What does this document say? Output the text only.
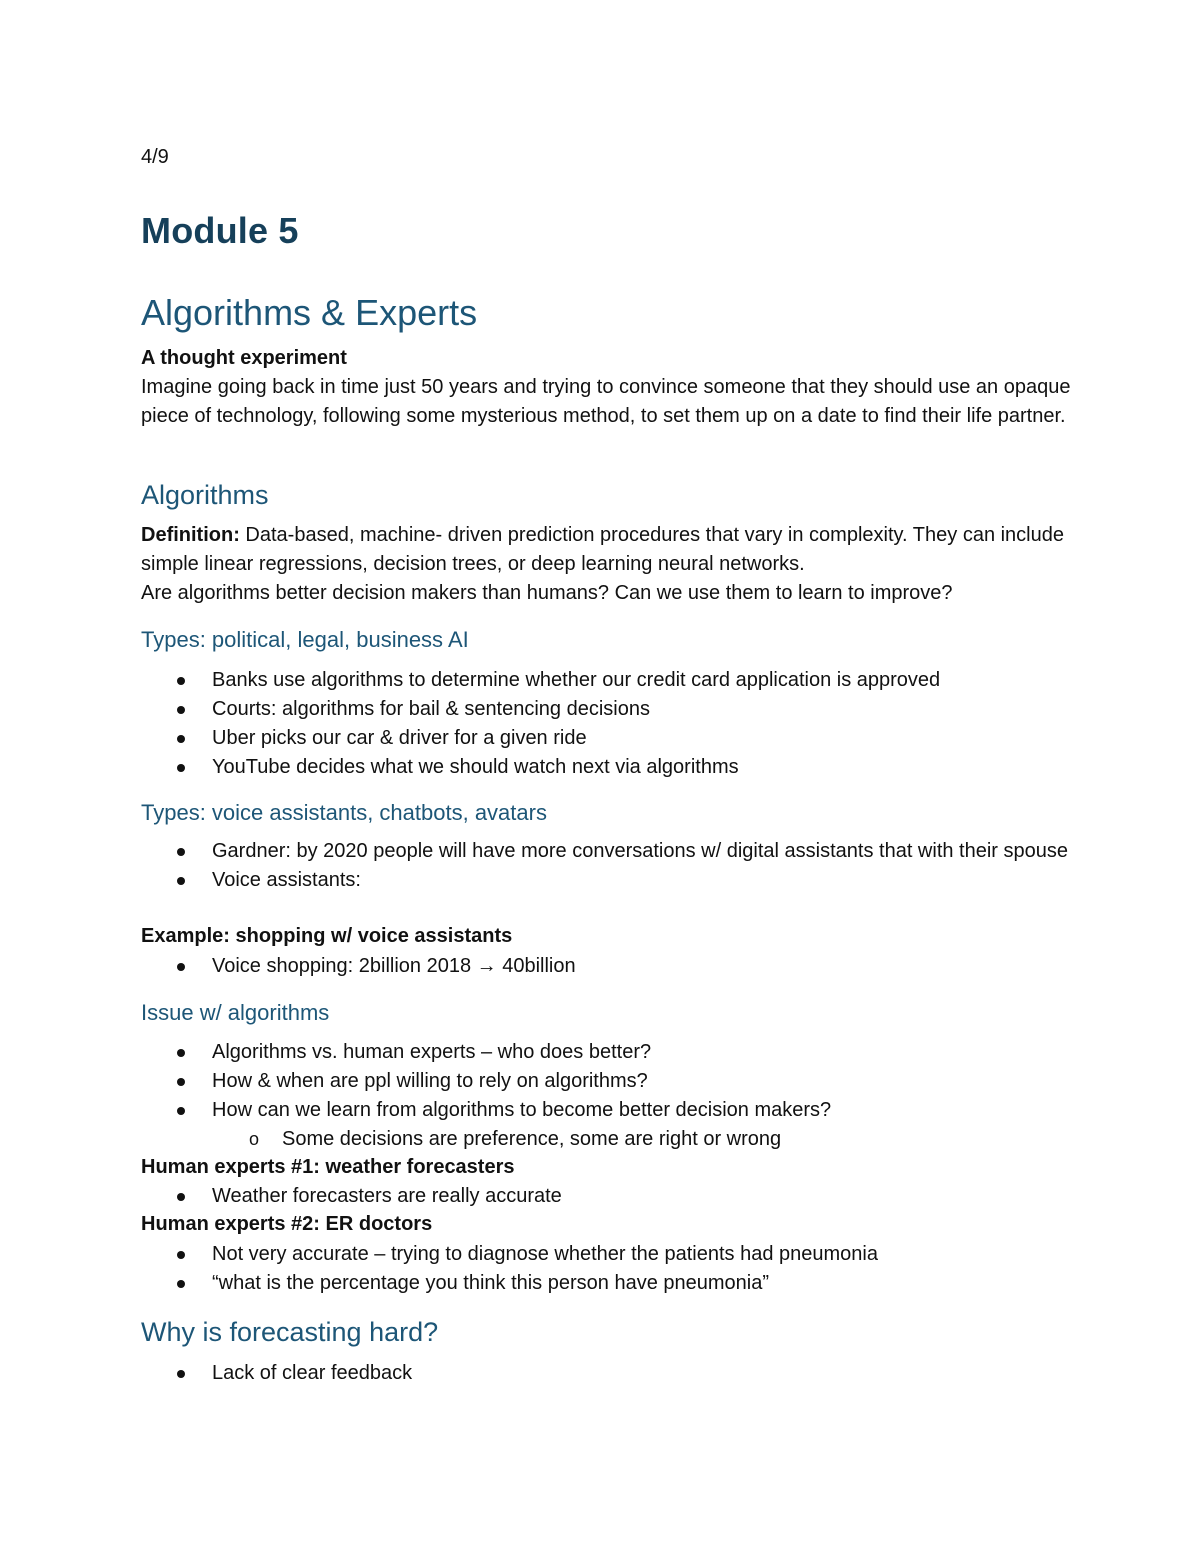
4/9
Module 5
Algorithms & Experts
A thought experiment

Imagine going back in time just 50 years and trying to convince someone that they should use an opaque piece of technology, following some mysterious method, to set them up on a date to find their life partner.

Algorithms

Definition: Data-based, machine- driven prediction procedures that vary in complexity. They can include simple linear regressions, decision trees, or deep learning neural networks.

Are algorithms better decision makers than humans? Can we use them to learn to improve?

Types: political, legal, business AI
Banks use algorithms to determine whether our credit card application is approved
Courts: algorithms for bail & sentencing decisions
Uber picks our car & driver for a given ride
YouTube decides what we should watch next via algorithms
Types: voice assistants, chatbots, avatars
Gardner: by 2020 people will have more conversations w/ digital assistants that with their spouse
Voice assistants:
Example: shopping w/ voice assistants
Voice shopping: 2billion 2018 → 40billion
Issue w/ algorithms
Algorithms vs. human experts – who does better?
How & when are ppl willing to rely on algorithms?
How can we learn from algorithms to become better decision makers?
o Some decisions are preference, some are right or wrong
Human experts #1: weather forecasters
Weather forecasters are really accurate
Human experts #2: ER doctors
Not very accurate – trying to diagnose whether the patients had pneumonia
“what is the percentage you think this person have pneumonia”
Why is forecasting hard?
Lack of clear feedback
